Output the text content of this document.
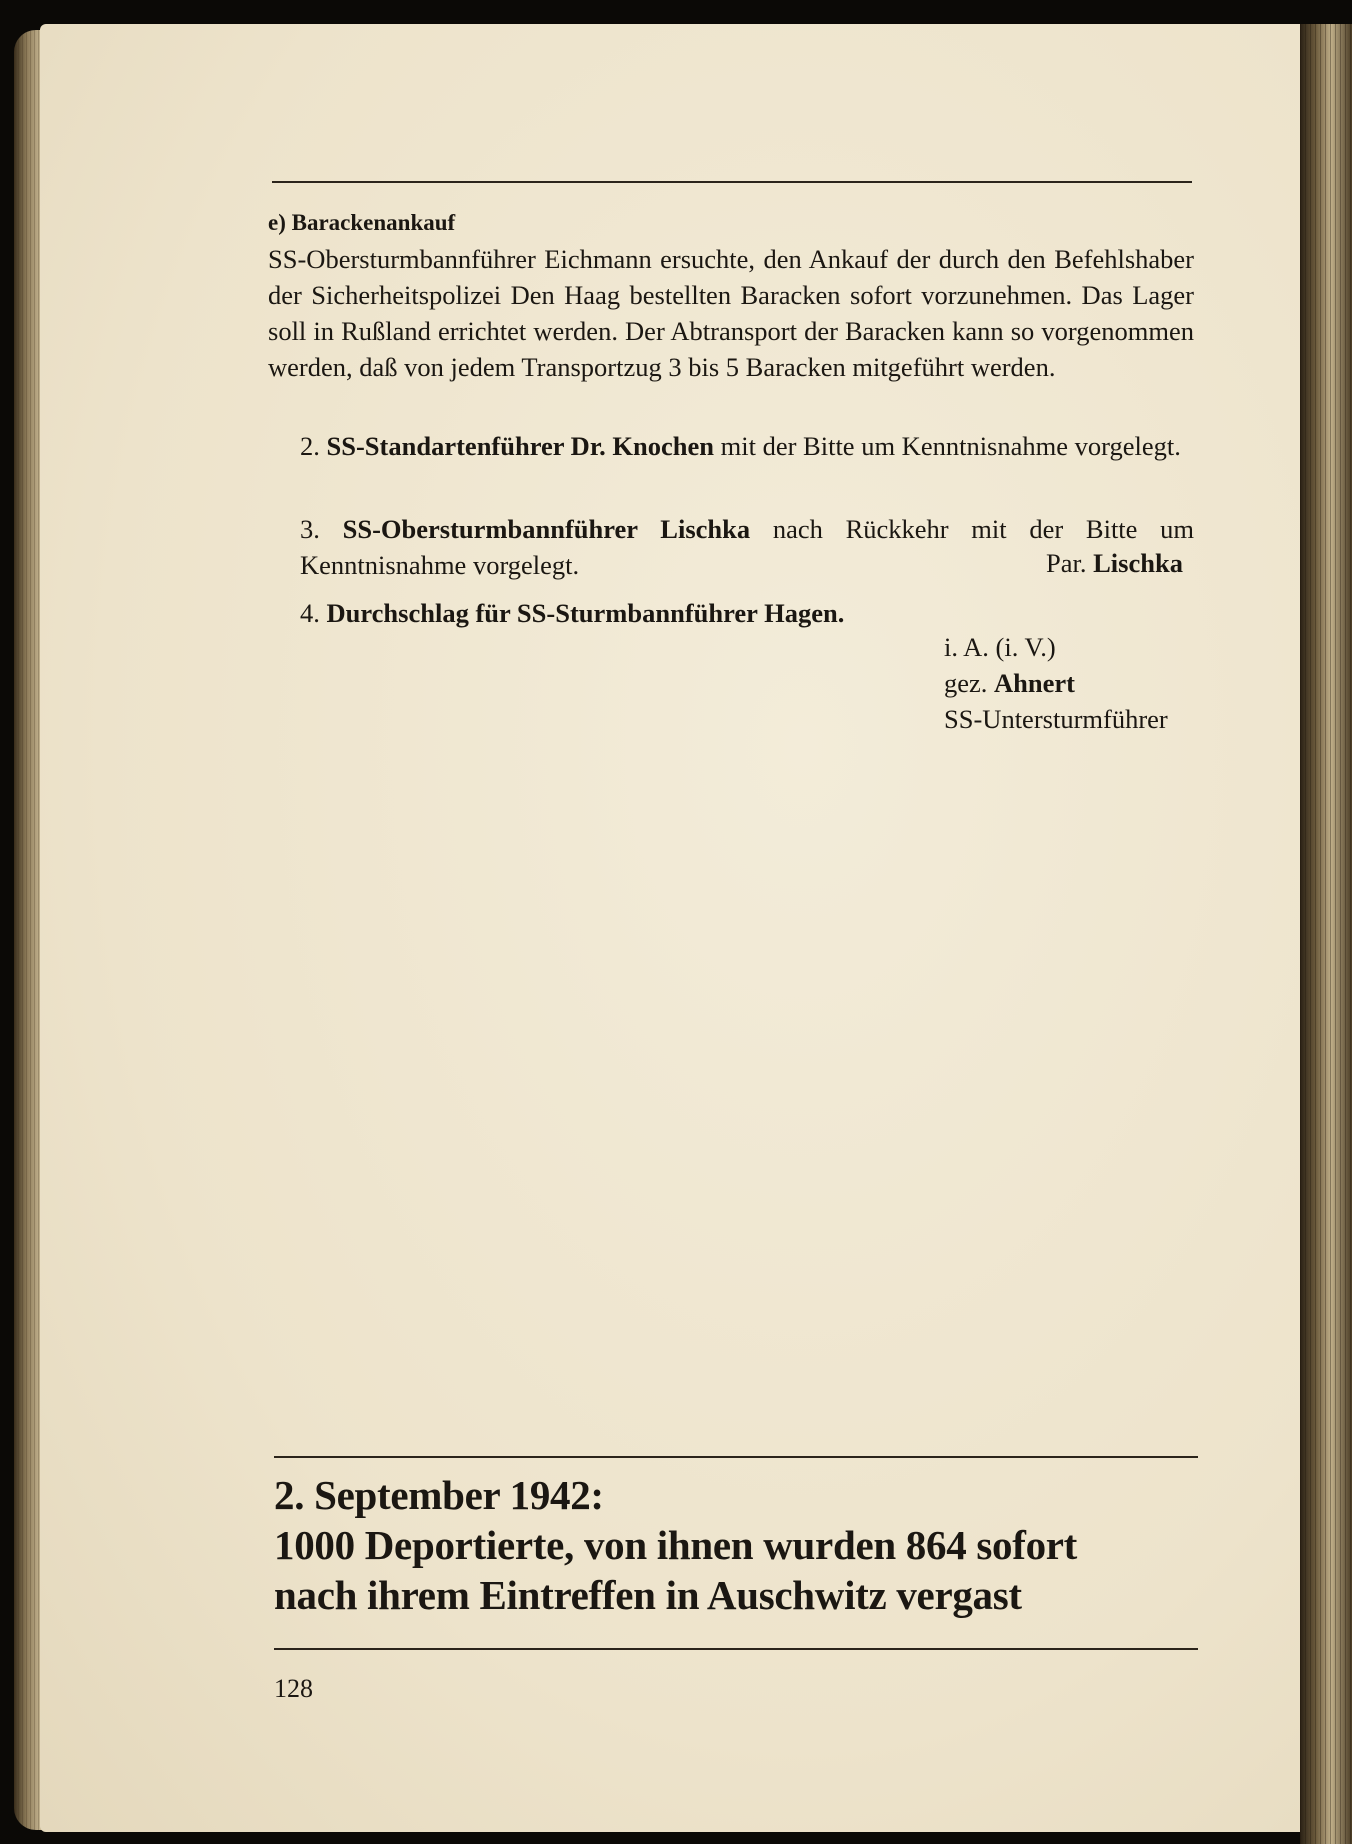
e) Barackenankauf
SS-Obersturmbannführer Eichmann ersuchte, den Ankauf der durch den Befehlshaber der Sicherheitspolizei Den Haag bestellten Baracken sofort vorzunehmen. Das Lager soll in Rußland errichtet werden. Der Abtransport der Baracken kann so vorgenommen werden, daß von jedem Transportzug 3 bis 5 Baracken mitgeführt werden.
2. SS-Standartenführer Dr. Knochen mit der Bitte um Kenntnisnahme vorgelegt.
3. SS-Obersturmbannführer Lischka nach Rückkehr mit der Bitte um Kenntnisnahme vorgelegt.	Par. Lischka
4. Durchschlag für SS-Sturmbannführer Hagen.
i. A. (i. V.)
gez. Ahnert
SS-Untersturmführer
2. September 1942:
1000 Deportierte, von ihnen wurden 864 sofort
nach ihrem Eintreffen in Auschwitz vergast
128
